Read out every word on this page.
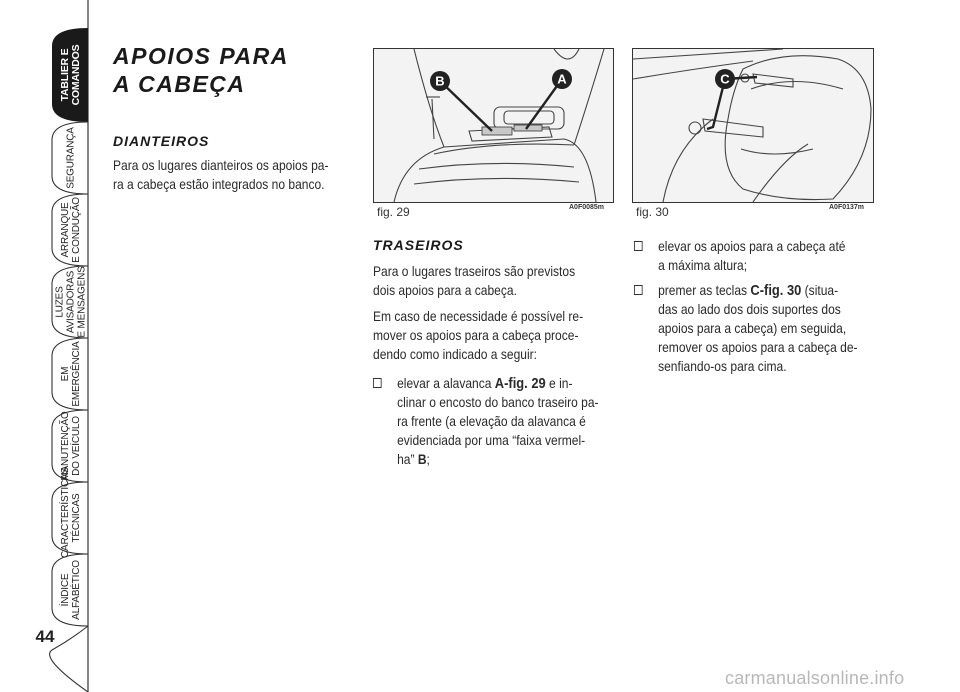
TABLIER E
COMANDOS
SEGURANÇA
ARRANQUE
E CONDUÇÃO
LUZES
AVISADORAS
E MENSAGENS
EM EMERGÊNCIA
MANUTENÇÃO
DO VEÍCULO
CARACTERÍSTICAS
TÉCNICAS
ÍNDICE
ALFABÉTICO
44
APOIOS PARA
A CABEÇA
DIANTEIROS

Para os lugares dianteiros os apoios pa-
ra a cabeça estão integrados no banco.

B	A
fig. 29	A0F0085m
C
fig. 30	A0F0137m
TRASEIROS

Para o lugares traseiros são previstos
dois apoios para a cabeça.

Em caso de necessidade é possível re-
mover os apoios para a cabeça proce-
dendo como indicado a seguir:

elevar a alavanca A-fig. 29 e in-
clinar o encosto do banco traseiro pa-
ra frente (a elevação da alavanca é
evidenciada por uma “faixa vermel-
ha” B;
elevar os apoios para a cabeça até
a máxima altura;
premer as teclas C-fig. 30 (situa-
das ao lado dos dois suportes dos
apoios para a cabeça) em seguida,
remover os apoios para a cabeça de-
senfiando-os para cima.
carmanualsonline.info
